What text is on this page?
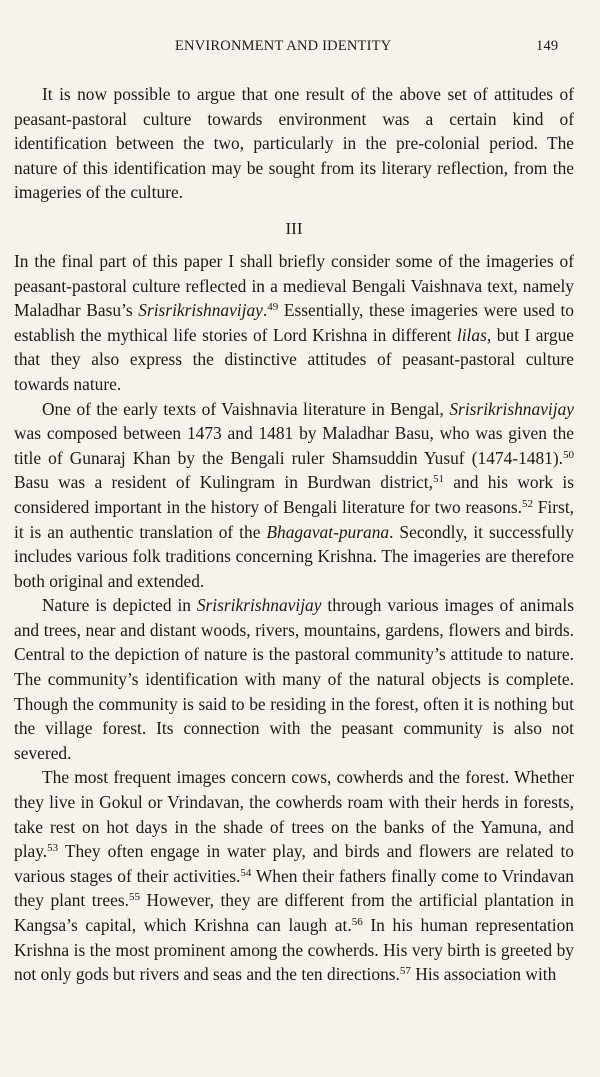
ENVIRONMENT AND IDENTITY	149

It is now possible to argue that one result of the above set of attitudes of peasant-pastoral culture towards environment was a certain kind of identification between the two, particularly in the pre-colonial period. The nature of this identification may be sought from its literary reflection, from the imageries of the culture.

III

In the final part of this paper I shall briefly consider some of the imageries of peasant-pastoral culture reflected in a medieval Bengali Vaishnava text, namely Maladhar Basu’s Srisrikrishnavijay.$^{49}$ Essentially, these imageries were used to establish the mythical life stories of Lord Krishna in different lilas, but I argue that they also express the distinctive attitudes of peasant-pastoral culture towards nature.

One of the early texts of Vaishnavia literature in Bengal, Srisrikrishnavijay was composed between 1473 and 1481 by Maladhar Basu, who was given the title of Gunaraj Khan by the Bengali ruler Shamsuddin Yusuf (1474-1481).$^{50}$ Basu was a resident of Kulingram in Burdwan district,$^{51}$ and his work is considered important in the history of Bengali literature for two reasons.$^{52}$ First, it is an authentic translation of the Bhagavat-purana. Secondly, it successfully includes various folk traditions concerning Krishna. The imageries are therefore both original and extended.

Nature is depicted in Srisrikrishnavijay through various images of animals and trees, near and distant woods, rivers, mountains, gardens, flowers and birds. Central to the depiction of nature is the pastoral community’s attitude to nature. The community’s identification with many of the natural objects is complete. Though the community is said to be residing in the forest, often it is nothing but the village forest. Its connection with the peasant community is also not severed.

The most frequent images concern cows, cowherds and the forest. Whether they live in Gokul or Vrindavan, the cowherds roam with their herds in forests, take rest on hot days in the shade of trees on the banks of the Yamuna, and play.$^{53}$ They often engage in water play, and birds and flowers are related to various stages of their activities.$^{54}$ When their fathers finally come to Vrindavan they plant trees.$^{55}$ However, they are different from the artificial plantation in Kangsa’s capital, which Krishna can laugh at.$^{56}$ In his human representation Krishna is the most prominent among the cowherds. His very birth is greeted by not only gods but rivers and seas and the ten directions.$^{57}$ His association with
